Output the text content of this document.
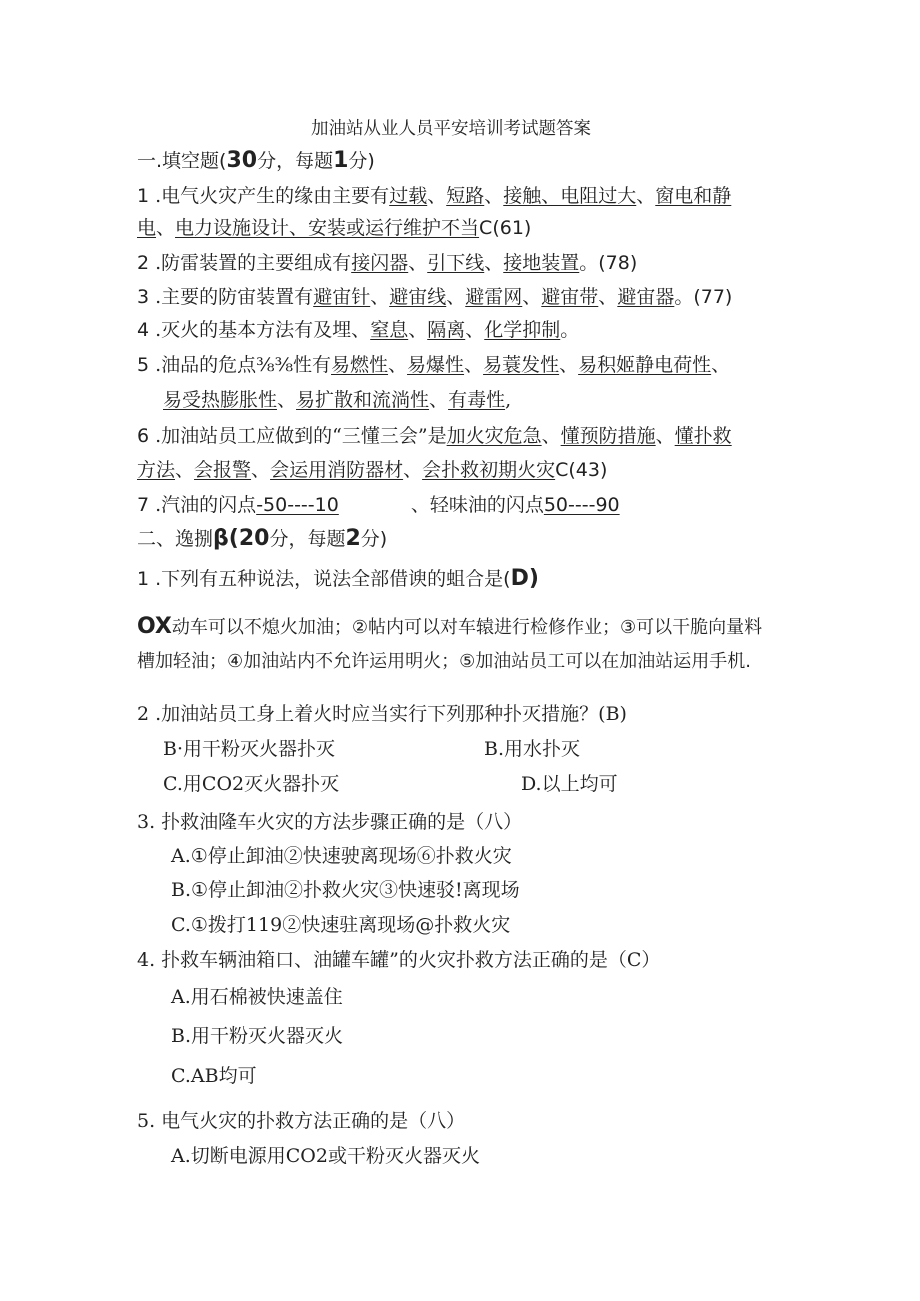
加油站从业人员平安培训考试题答案
一.填空题(30分，每题1分)
1 .电气火灾产生的缘由主要有过载、短路、接触、电阻过大、窗电和静
电、电力设施设计、安装或运行维护不当C(61)
2 .防雷装置的主要组成有接闪器、引下线、接地装置。(78)
3 .主要的防宙装置有避宙针、避宙线、避雷网、避宙带、避宙器。(77)
4 .灭火的基本方法有及埋、窒息、隔离、化学抑制。
5 .油品的危点⅜⅜性有易燃性、易爆性、易蓑发性、易积姬静电荷性、
易受热膨胀性、易扩散和流淌性、有毒性,
6 .加油站员工应做到的“三懂三会”是加火灾危急、懂预防措施、懂扑救
方法、会报警、会运用消防器材、会扑救初期火灾C(43)
7 .汽油的闪点-50----10	、轻味油的闪点50----90
二、逸捌β(20分，每题2分)
1 .下列有五种说法，说法全部借谀的蛆合是(D)
OX动车可以不熄火加油；②帖内可以对车辕进行检修作业；③可以干脆向量料
槽加轻油；④加油站内不允许运用明火；⑤加油站员工可以在加油站运用手机.
2 .加油站员工身上着火时应当实行下列那种扑灭措施？(B)
B·用干粉灭火器扑灭	B.用水扑灭
C.用CO2灭火器扑灭	D.以上均可
3. 扑救油隆车火灾的方法步骤正确的是（八）
A.①停止卸油②快速驶离现场⑥扑救火灾
B.①停止卸油②扑救火灾③快速驳!离现场
C.①拨打119②快速驻离现场@扑救火灾
4. 扑救车辆油箱口、油罐车罐”的火灾扑救方法正确的是（C）
A.用石棉被快速盖住
B.用干粉灭火器灭火
C.AB均可
5. 电气火灾的扑救方法正确的是（八）
A.切断电源用CO2或干粉灭火器灭火
